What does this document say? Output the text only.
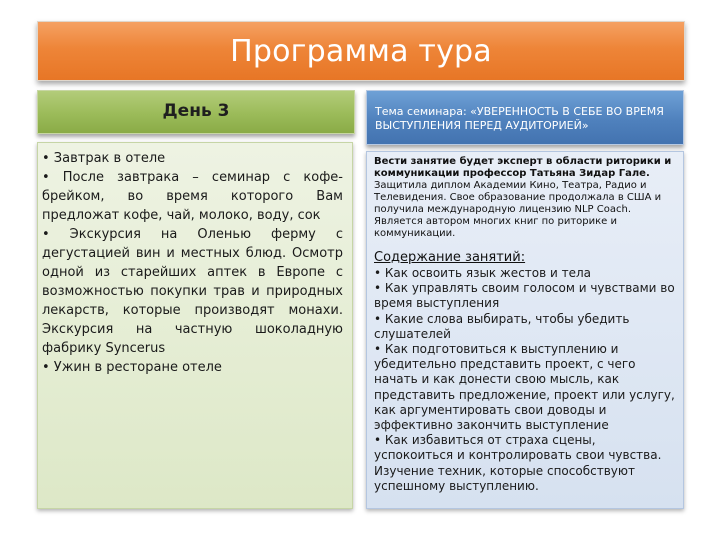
Программа тура
День 3	Тема семинара: «УВЕРЕННОСТЬ В СЕБЕ ВО ВРЕМЯ ВЫСТУПЛЕНИЯ ПЕРЕД АУДИТОРИЕЙ»

• Завтрак в отеле

• После завтрака – семинар с кофе-брейком, во время которого Вам предложат кофе, чай, молоко, воду, сок

• Экскурсия на Оленью ферму с дегустацией вин и местных блюд. Осмотр одной из старейших аптек в Европе с возможностью покупки трав и природных лекарств, которые производят монахи. Экскурсия на частную шоколадную фабрику Syncerus

• Ужин в ресторане отеле

Вести занятие будет эксперт в области риторики и коммуникации профессор Татьяна Зидар Гале.

Защитила диплом Академии Кино, Театра, Радио и Телевидения. Свое образование продолжала в США и получила международную лицензию NLP Coach. Является автором многих книг по риторике и коммуникации.

Содержание занятий:

• Как освоить язык жестов и тела

• Как управлять своим голосом и чувствами во время выступления

• Какие слова выбирать, чтобы убедить слушателей

• Как подготовиться к выступлению и убедительно представить проект, с чего начать и как донести свою мысль, как представить предложение, проект или услугу, как аргументировать свои доводы и эффективно закончить выступление

• Как избавиться от страха сцены, успокоиться и контролировать свои чувства. Изучение техник, которые способствуют успешному выступлению.
